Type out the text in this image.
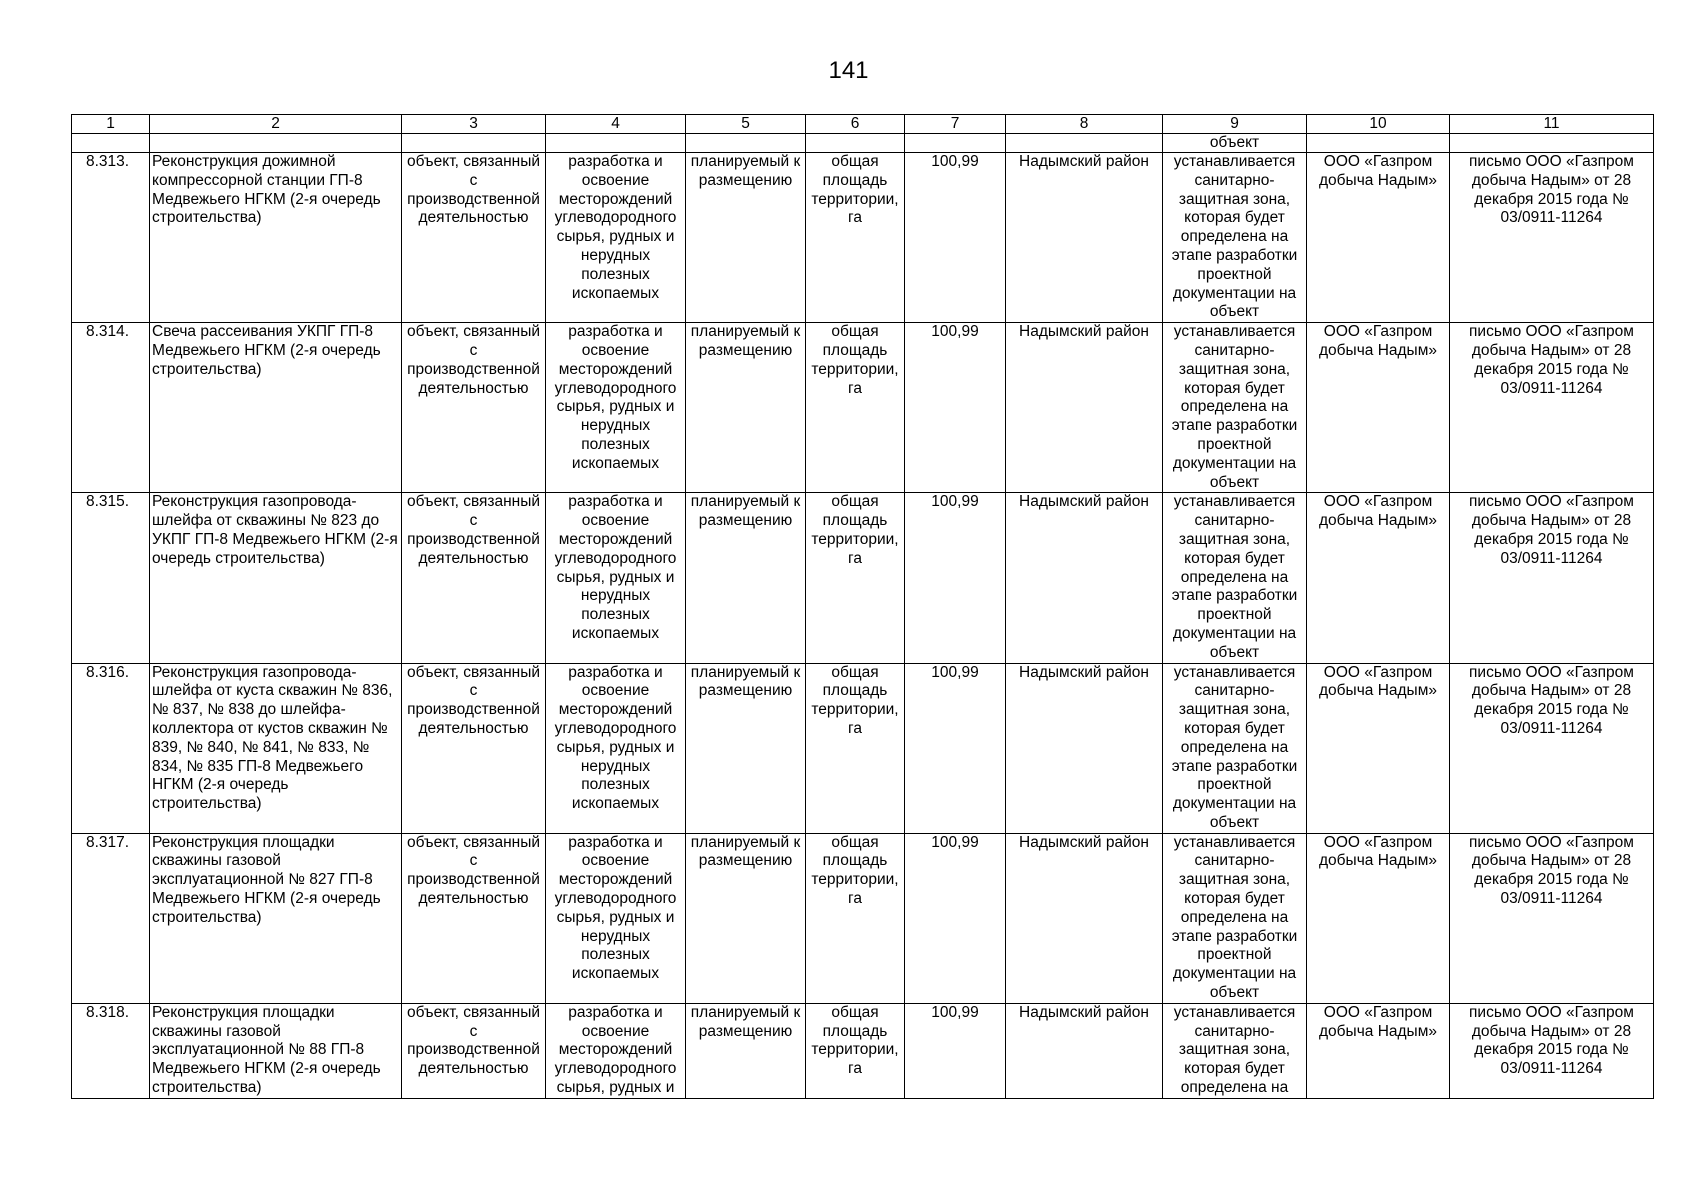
141
1	2	3	4	5	6	7	8	9	10	11
								объект		
8.313.	Реконструкция дожимной компрессорной станции ГП-8 Медвежьего НГКМ (2-я очередь строительства)	объект, связанный с производственной деятельностью	разработка и освоение месторождений углеводородного сырья, рудных и нерудных полезных ископаемых	планируемый к размещению	общая площадь территории, га	100,99	Надымский район	устанавливается санитарно-защитная зона, которая будет определена на этапе разработки проектной документации на объект	ООО «Газпром добыча Надым»	письмо ООО «Газпром добыча Надым» от 28 декабря 2015 года № 03/0911-11264
8.314.	Свеча рассеивания УКПГ ГП-8 Медвежьего НГКМ (2-я очередь строительства)	объект, связанный с производственной деятельностью	разработка и освоение месторождений углеводородного сырья, рудных и нерудных полезных ископаемых	планируемый к размещению	общая площадь территории, га	100,99	Надымский район	устанавливается санитарно-защитная зона, которая будет определена на этапе разработки проектной документации на объект	ООО «Газпром добыча Надым»	письмо ООО «Газпром добыча Надым» от 28 декабря 2015 года № 03/0911-11264
8.315.	Реконструкция газопровода-шлейфа от скважины № 823 до УКПГ ГП-8 Медвежьего НГКМ (2-я очередь строительства)	объект, связанный с производственной деятельностью	разработка и освоение месторождений углеводородного сырья, рудных и нерудных полезных ископаемых	планируемый к размещению	общая площадь территории, га	100,99	Надымский район	устанавливается санитарно-защитная зона, которая будет определена на этапе разработки проектной документации на объект	ООО «Газпром добыча Надым»	письмо ООО «Газпром добыча Надым» от 28 декабря 2015 года № 03/0911-11264
8.316.	Реконструкция газопровода-шлейфа от куста скважин № 836, № 837, № 838 до шлейфа-коллектора от кустов скважин № 839, № 840, № 841, № 833, № 834, № 835 ГП-8 Медвежьего НГКМ (2-я очередь строительства)	объект, связанный с производственной деятельностью	разработка и освоение месторождений углеводородного сырья, рудных и нерудных полезных ископаемых	планируемый к размещению	общая площадь территории, га	100,99	Надымский район	устанавливается санитарно-защитная зона, которая будет определена на этапе разработки проектной документации на объект	ООО «Газпром добыча Надым»	письмо ООО «Газпром добыча Надым» от 28 декабря 2015 года № 03/0911-11264
8.317.	Реконструкция площадки скважины газовой эксплуатационной № 827 ГП-8 Медвежьего НГКМ (2-я очередь строительства)	объект, связанный с производственной деятельностью	разработка и освоение месторождений углеводородного сырья, рудных и нерудных полезных ископаемых	планируемый к размещению	общая площадь территории, га	100,99	Надымский район	устанавливается санитарно-защитная зона, которая будет определена на этапе разработки проектной документации на объект	ООО «Газпром добыча Надым»	письмо ООО «Газпром добыча Надым» от 28 декабря 2015 года № 03/0911-11264
8.318.	Реконструкция площадки скважины газовой эксплуатационной № 88 ГП-8 Медвежьего НГКМ (2-я очередь строительства)	объект, связанный с производственной деятельностью	разработка и освоение месторождений углеводородного сырья, рудных и	планируемый к размещению	общая площадь территории, га	100,99	Надымский район	устанавливается санитарно-защитная зона, которая будет определена на	ООО «Газпром добыча Надым»	письмо ООО «Газпром добыча Надым» от 28 декабря 2015 года № 03/0911-11264
